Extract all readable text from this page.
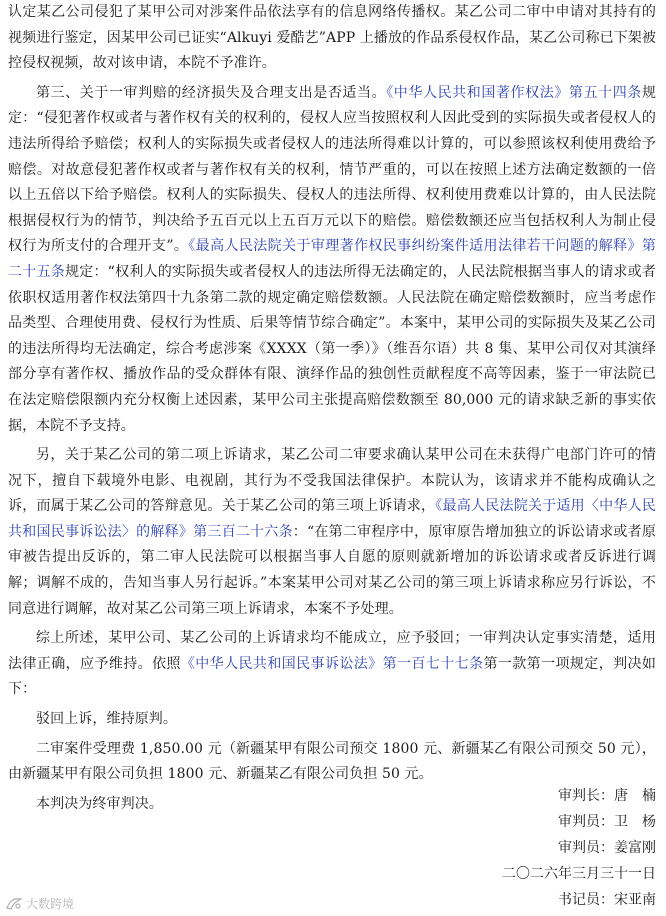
认定某乙公司侵犯了某甲公司对涉案件品依法享有的信息网络传播权。某乙公司二审中申请对其持有的视频进行鉴定，因某甲公司已证实“Alkuyi 爱酷艺”APP 上播放的作品系侵权作品，某乙公司称已下架被控侵权视频，故对该申请，本院不予准许。

第三、关于一审判赔的经济损失及合理支出是否适当。《中华人民共和国著作权法》第五十四条规定：“侵犯著作权或者与著作权有关的权利的，侵权人应当按照权利人因此受到的实际损失或者侵权人的违法所得给予赔偿；权利人的实际损失或者侵权人的违法所得难以计算的，可以参照该权利使用费给予赔偿。对故意侵犯著作权或者与著作权有关的权利，情节严重的，可以在按照上述方法确定数额的一倍以上五倍以下给予赔偿。权利人的实际损失、侵权人的违法所得、权利使用费难以计算的，由人民法院根据侵权行为的情节，判决给予五百元以上五百万元以下的赔偿。赔偿数额还应当包括权利人为制止侵权行为所支付的合理开支”。《最高人民法院关于审理著作权民事纠纷案件适用法律若干问题的解释》第二十五条规定：“权利人的实际损失或者侵权人的违法所得无法确定的，人民法院根据当事人的请求或者依职权适用著作权法第四十九条第二款的规定确定赔偿数额。人民法院在确定赔偿数额时，应当考虑作品类型、合理使用费、侵权行为性质、后果等情节综合确定”。本案中，某甲公司的实际损失及某乙公司的违法所得均无法确定，综合考虑涉案《XXXX（第一季）》（维吾尔语）共 8 集、某甲公司仅对其演绎部分享有著作权、播放作品的受众群体有限、演绎作品的独创性贡献程度不高等因素，鉴于一审法院已在法定赔偿限额内充分权衡上述因素，某甲公司主张提高赔偿数额至 80,000 元的请求缺乏新的事实依据，本院不予支持。

另，关于某乙公司的第二项上诉请求，某乙公司二审要求确认某甲公司在未获得广电部门许可的情况下，擅自下载境外电影、电视剧，其行为不受我国法律保护。本院认为，该请求并不能构成确认之诉，而属于某乙公司的答辩意见。关于某乙公司的第三项上诉请求，《最高人民法院关于适用〈中华人民共和国民事诉讼法〉的解释》第三百二十六条：“在第二审程序中，原审原告增加独立的诉讼请求或者原审被告提出反诉的，第二审人民法院可以根据当事人自愿的原则就新增加的诉讼请求或者反诉进行调解；调解不成的，告知当事人另行起诉。”本案某甲公司对某乙公司的第三项上诉请求称应另行诉讼，不同意进行调解，故对某乙公司第三项上诉请求，本案不予处理。

综上所述，某甲公司、某乙公司的上诉请求均不能成立，应予驳回；一审判决认定事实清楚，适用法律正确，应予维持。依照《中华人民共和国民事诉讼法》第一百七十七条第一款第一项规定，判决如下：

驳回上诉，维持原判。

二审案件受理费 1,850.00 元（新疆某甲有限公司预交 1800 元、新疆某乙有限公司预交 50 元），由新疆某甲有限公司负担 1800 元、新疆某乙有限公司负担 50 元。

本判决为终审判决。	审判长：唐　楠
审判员：卫　杨
审判员：姜富刚
二〇二六年三月三十一日
书记员：宋亚南
大数跨境
